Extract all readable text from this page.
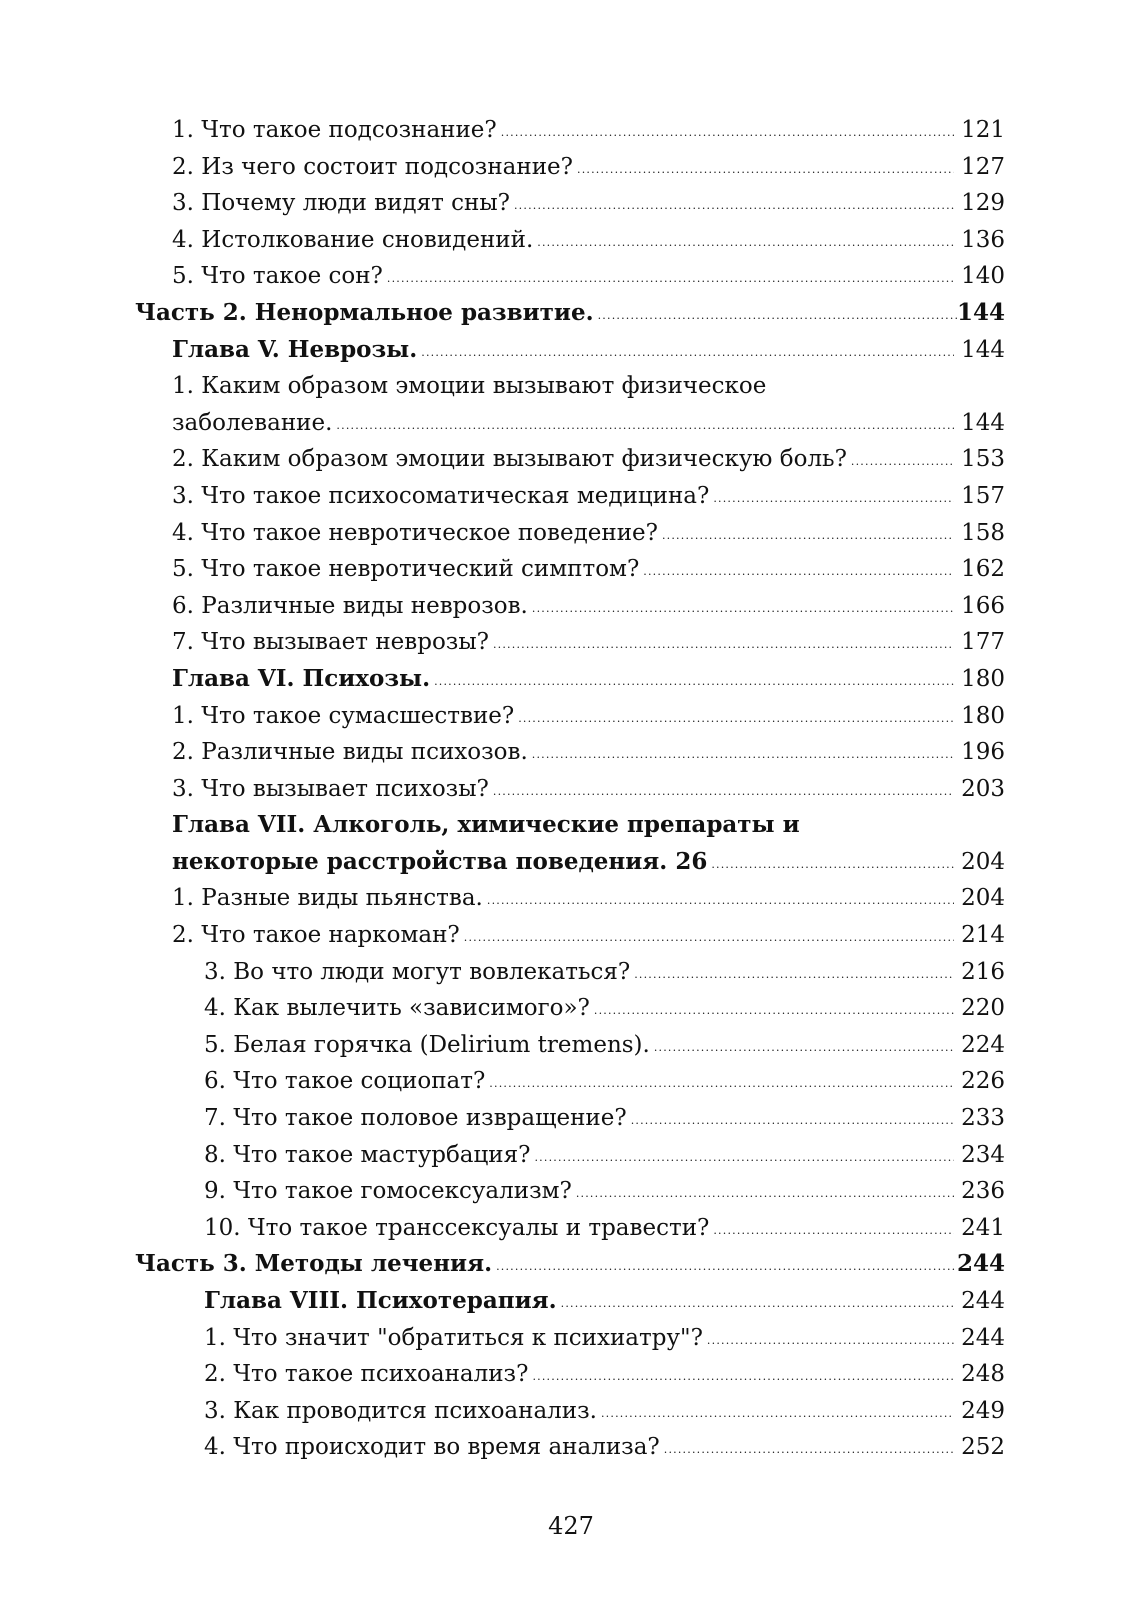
1. Что такое подсознание? .....	121
2. Из чего состоит подсознание? .....	127
3. Почему люди видят сны? .....	129
4. Истолкование сновидений. .....	136
5. Что такое сон? .....	140
Часть 2. Ненормальное развитие. .....	144
Глава V. Неврозы. .....	144
1. Каким образом эмоции вызывают физическое
заболевание. .....	144
2. Каким образом эмоции вызывают физическую боль? .....	153
3. Что такое психосоматическая медицина? .....	157
4. Что такое невротическое поведение? .....	158
5. Что такое невротический симптом? .....	162
6. Различные виды неврозов. .....	166
7. Что вызывает неврозы? .....	177
Глава VI. Психозы. .....	180
1. Что такое сумасшествие? .....	180
2. Различные виды психозов. .....	196
3. Что вызывает психозы? .....	203
Глава VII. Алкоголь, химические препараты и
некоторые расстройства поведения. 26 .....	204
1. Разные виды пьянства. .....	204
2. Что такое наркоман? .....	214
3. Во что люди могут вовлекаться? .....	216
4. Как вылечить «зависимого»? .....	220
5. Белая горячка (Delirium tremens). .....	224
6. Что такое социопат? .....	226
7. Что такое половое извращение? .....	233
8. Что такое мастурбация? .....	234
9. Что такое гомосексуализм? .....	236
10. Что такое транссексуалы и травести? .....	241
Часть 3. Методы лечения. .....	244
Глава VIII. Психотерапия. .....	244
1. Что значит "обратиться к психиатру"? .....	244
2. Что такое психоанализ? .....	248
3. Как проводится психоанализ. .....	249
4. Что происходит во время анализа? .....	252
427
